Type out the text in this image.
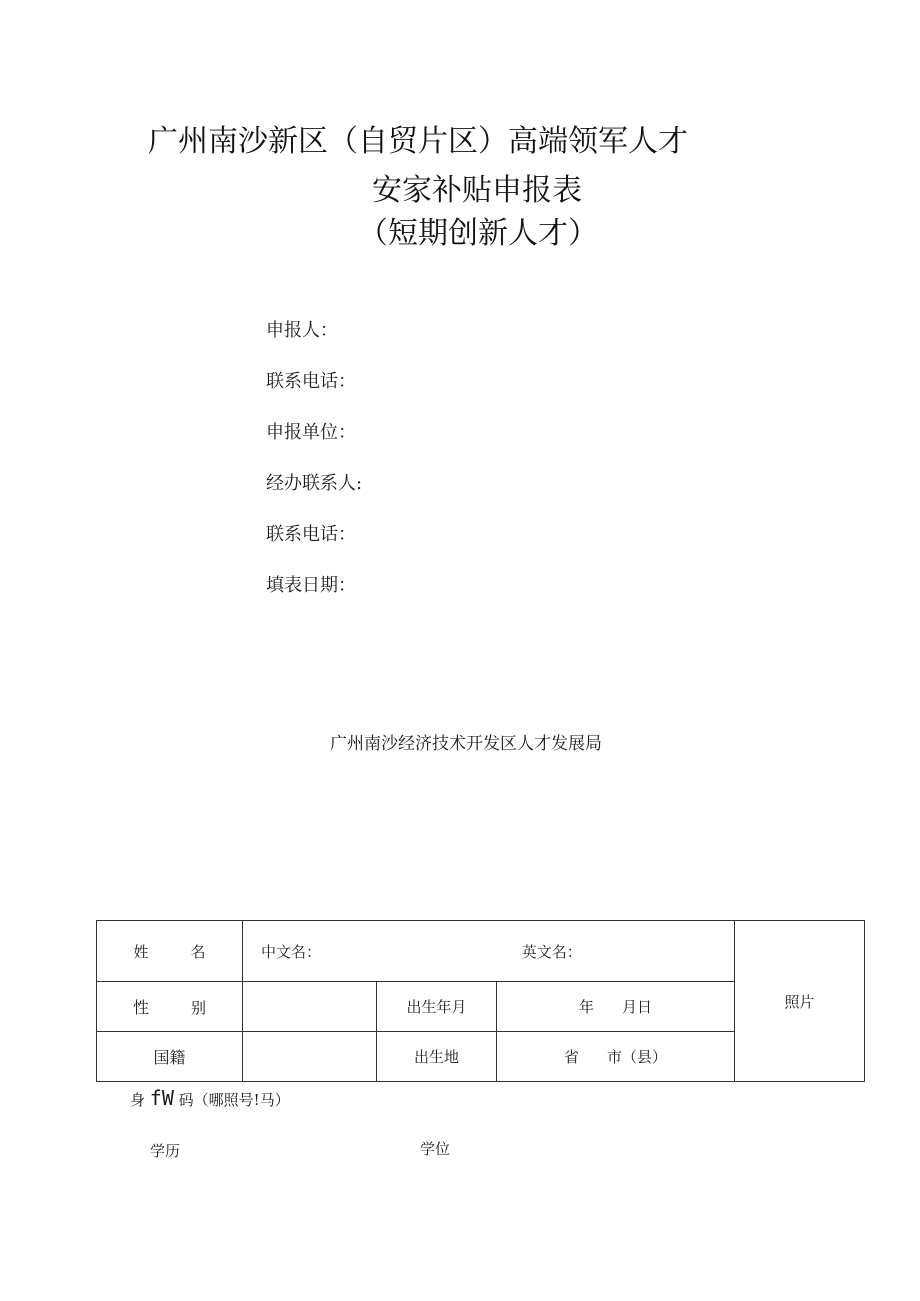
广州南沙新区（自贸片区）高端领军人才
安家补贴申报表
（短期创新人才）
申报人：
联系电话：
申报单位：
经办联系人:
联系电话：
填表日期：
广州南沙经济技术开发区人才发展局
姓 名	中文名： 英文名：			照片
性 别		出生年月	年 月日	
国籍		出生地	省 市（县）	
身 fW 码（哪照号!马）
学历	学位
